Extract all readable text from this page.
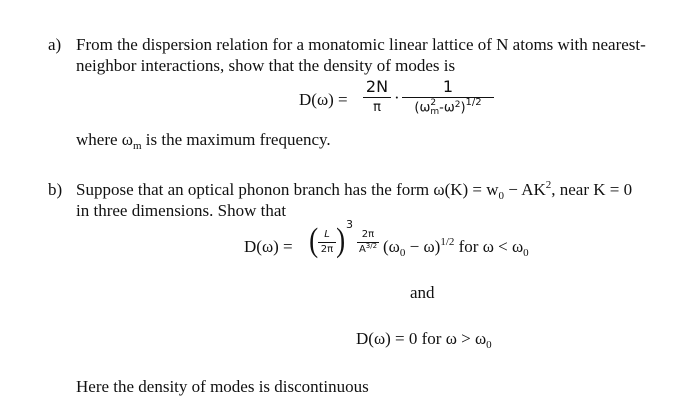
a) From the dispersion relation for a monatomic linear lattice of N atoms with nearest-
neighbor interactions, show that the density of modes is
D(ω) =
2N
π
·
1
(ω 2
m $-\omega^2)^{1/2}$
where $\omega_m$ is the maximum frequency.
b) Suppose that an optical phonon branch has the form $\omega(K) = w_0 - AK^2$, near K = 0
in three dimensions. Show that
D(ω) = ( L
2π ) 3
2π
$A^{3/2}$ $(\omega_0 - \omega)^{1/2}$ for $\omega < \omega_0$
and
D(ω) = 0 for $\omega > \omega_0$
Here the density of modes is discontinuous
